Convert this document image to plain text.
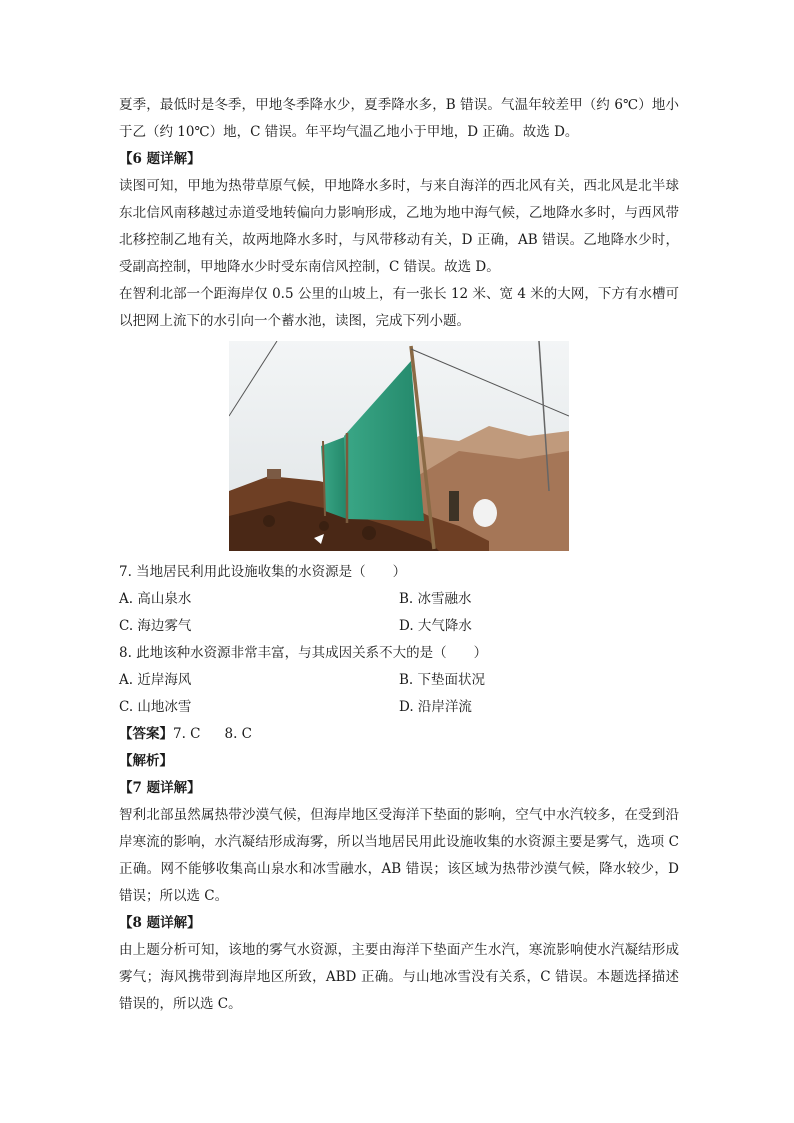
夏季，最低时是冬季，甲地冬季降水少，夏季降水多，B 错误。气温年较差甲（约 6℃）地小于乙（约 10℃）地，C 错误。年平均气温乙地小于甲地，D 正确。故选 D。

【6 题详解】

读图可知，甲地为热带草原气候，甲地降水多时，与来自海洋的西北风有关，西北风是北半球东北信风南移越过赤道受地转偏向力影响形成，乙地为地中海气候，乙地降水多时，与西风带北移控制乙地有关，故两地降水多时，与风带移动有关，D 正确，AB 错误。乙地降水少时，受副高控制，甲地降水少时受东南信风控制，C 错误。故选 D。

在智利北部一个距海岸仅 0.5 公里的山坡上，有一张长 12 米、宽 4 米的大网，下方有水槽可以把网上流下的水引向一个蓄水池，读图，完成下列小题。

7. 当地居民利用此设施收集的水资源是（　　）

A. 高山泉水	B. 冰雪融水
C. 海边雾气	D. 大气降水

8. 此地该种水资源非常丰富，与其成因关系不大的是（　　）

A. 近岸海风	B. 下垫面状况
C. 山地冰雪	D. 沿岸洋流

【答案】7. C 8. C

【解析】

【7 题详解】

智利北部虽然属热带沙漠气候，但海岸地区受海洋下垫面的影响，空气中水汽较多，在受到沿岸寒流的影响，水汽凝结形成海雾，所以当地居民用此设施收集的水资源主要是雾气，选项 C 正确。网不能够收集高山泉水和冰雪融水，AB 错误；该区域为热带沙漠气候，降水较少，D 错误；所以选 C。

【8 题详解】

由上题分析可知，该地的雾气水资源，主要由海洋下垫面产生水汽，寒流影响使水汽凝结形成雾气；海风携带到海岸地区所致，ABD 正确。与山地冰雪没有关系，C 错误。本题选择描述错误的，所以选 C。
